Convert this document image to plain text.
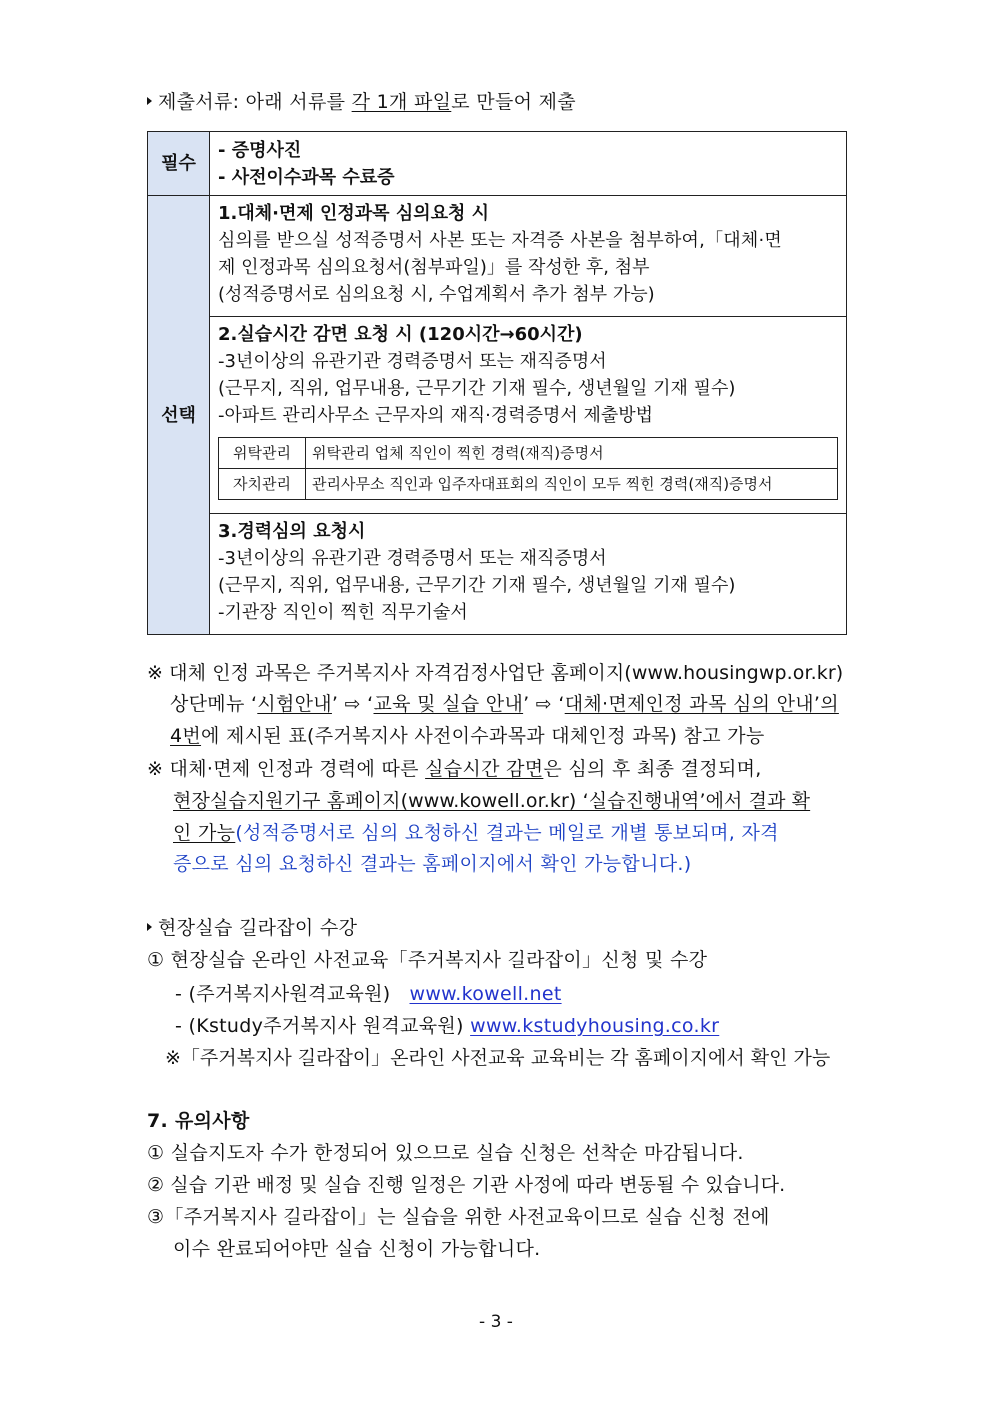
제출서류: 아래 서류를 각 1개 파일로 만들어 제출
필수	
- 증명사진
- 사전이수과목 수료증

선택	
1.대체·면제 인정과목 심의요청 시
심의를 받으실 성적증명서 사본 또는 자격증 사본을 첨부하여,「대체·면
제 인정과목 심의요청서(첨부파일)」를 작성한 후, 첨부
(성적증명서로 심의요청 시, 수업계획서 추가 첨부 가능)

2.실습시간 감면 요청 시 (120시간→60시간)
-3년이상의 유관기관 경력증명서 또는 재직증명서
(근무지, 직위, 업무내용, 근무기간 기재 필수, 생년월일 기재 필수)
-아파트 관리사무소 근무자의 재직·경력증명서 제출방법
위탁관리	위탁관리 업체 직인이 찍힌 경력(재직)증명서
자치관리	관리사무소 직인과 입주자대표회의 직인이 모두 찍힌 경력(재직)증명서

3.경력심의 요청시
-3년이상의 유관기관 경력증명서 또는 재직증명서
(근무지, 직위, 업무내용, 근무기간 기재 필수, 생년월일 기재 필수)
-기관장 직인이 찍힌 직무기술서
※ 대체 인정 과목은 주거복지사 자격검정사업단 홈페이지(www.housingwp.or.kr)
상단메뉴 ‘시험안내’ ⇨ ‘교육 및 실습 안내’ ⇨ ‘대체·면제인정 과목 심의 안내’의
4번에 제시된 표(주거복지사 사전이수과목과 대체인정 과목) 참고 가능
※ 대체·면제 인정과 경력에 따른 실습시간 감면은 심의 후 최종 결정되며,
현장실습지원기구 홈페이지(www.kowell.or.kr) ‘실습진행내역’에서 결과 확
인 가능(성적증명서로 심의 요청하신 결과는 메일로 개별 통보되며, 자격
증으로 심의 요청하신 결과는 홈페이지에서 확인 가능합니다.)
현장실습 길라잡이 수강
① 현장실습 온라인 사전교육「주거복지사 길라잡이」신청 및 수강
- (주거복지사원격교육원) www.kowell.net
- (Kstudy주거복지사 원격교육원) www.kstudyhousing.co.kr
※「주거복지사 길라잡이」온라인 사전교육 교육비는 각 홈페이지에서 확인 가능
7. 유의사항
① 실습지도자 수가 한정되어 있으므로 실습 신청은 선착순 마감됩니다.
② 실습 기관 배정 및 실습 진행 일정은 기관 사정에 따라 변동될 수 있습니다.
③「주거복지사 길라잡이」는 실습을 위한 사전교육이므로 실습 신청 전에
이수 완료되어야만 실습 신청이 가능합니다.
- 3 -
